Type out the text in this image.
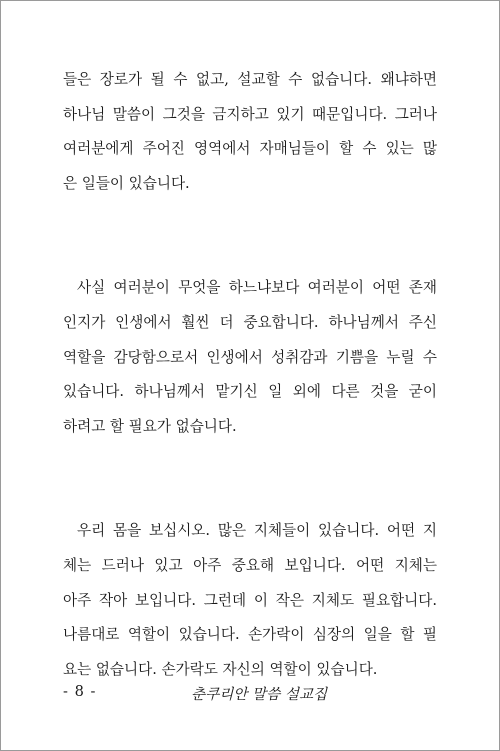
들은 장로가 될 수 없고, 설교할 수 없습니다. 왜냐하면
하나님 말씀이 그것을 금지하고 있기 때문입니다. 그러나
여러분에게 주어진 영역에서 자매님들이 할 수 있는 많
은 일들이 있습니다.
사실 여러분이 무엇을 하느냐보다 여러분이 어떤 존재
인지가 인생에서 훨씬 더 중요합니다. 하나님께서 주신
역할을 감당함으로서 인생에서 성취감과 기쁨을 누릴 수
있습니다. 하나님께서 맡기신 일 외에 다른 것을 굳이
하려고 할 필요가 없습니다.
우리 몸을 보십시오. 많은 지체들이 있습니다. 어떤 지
체는 드러나 있고 아주 중요해 보입니다. 어떤 지체는
아주 작아 보입니다. 그런데 이 작은 지체도 필요합니다.
나름대로 역할이 있습니다. 손가락이 심장의 일을 할 필
요는 없습니다. 손가락도 자신의 역할이 있습니다.
- 8 -	춘쿠리안 말씀 설교집
